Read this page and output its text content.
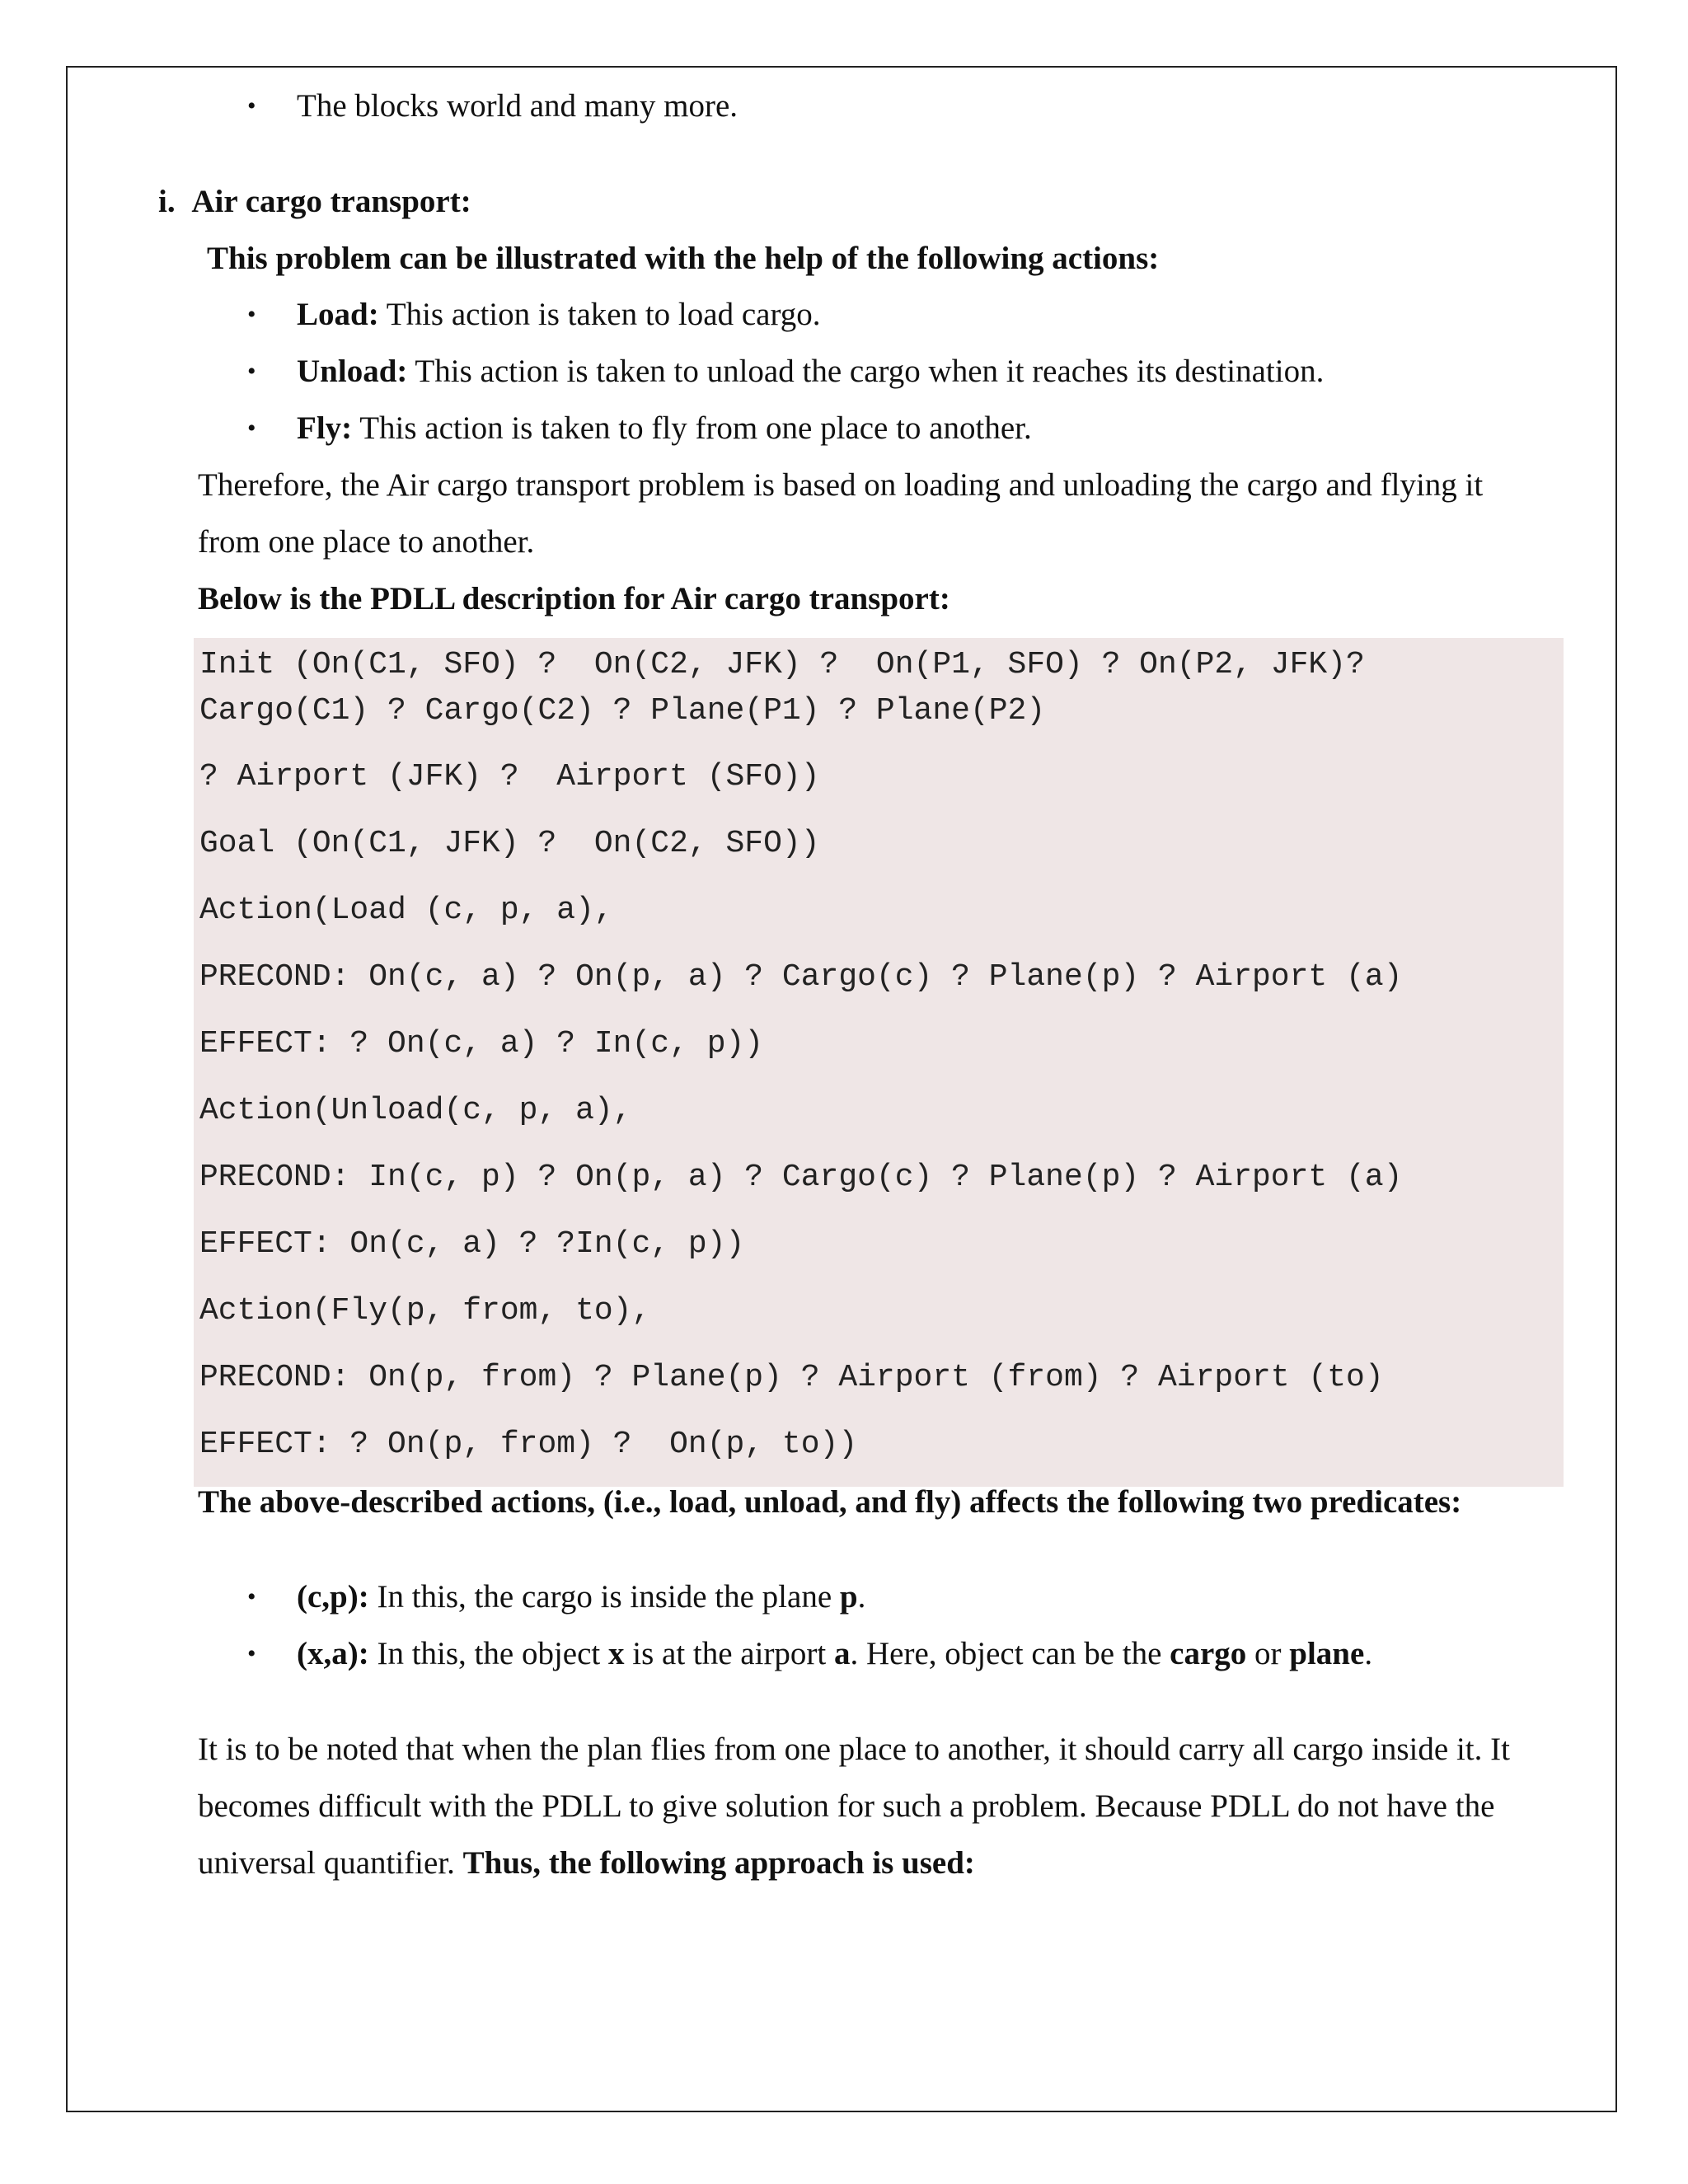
• The blocks world and many more.
i. Air cargo transport:
This problem can be illustrated with the help of the following actions:
• Load: This action is taken to load cargo.
• Unload: This action is taken to unload the cargo when it reaches its destination.
• Fly: This action is taken to fly from one place to another.
Therefore, the Air cargo transport problem is based on loading and unloading the cargo and flying it
from one place to another.
Below is the PDLL description for Air cargo transport:
Init (On(C1, SFO) ?  On(C2, JFK) ?  On(P1, SFO) ? On(P2, JFK)?
Cargo(C1) ? Cargo(C2) ? Plane(P1) ? Plane(P2)
? Airport (JFK) ?  Airport (SFO))
Goal (On(C1, JFK) ?  On(C2, SFO))
Action(Load (c, p, a),
PRECOND: On(c, a) ? On(p, a) ? Cargo(c) ? Plane(p) ? Airport (a)
EFFECT: ? On(c, a) ? In(c, p))
Action(Unload(c, p, a),
PRECOND: In(c, p) ? On(p, a) ? Cargo(c) ? Plane(p) ? Airport (a)
EFFECT: On(c, a) ? ?In(c, p))
Action(Fly(p, from, to),
PRECOND: On(p, from) ? Plane(p) ? Airport (from) ? Airport (to)
EFFECT: ? On(p, from) ?  On(p, to))
The above-described actions, (i.e., load, unload, and fly) affects the following two predicates:
• (c,p): In this, the cargo is inside the plane p.
• (x,a): In this, the object x is at the airport a. Here, object can be the cargo or plane.
It is to be noted that when the plan flies from one place to another, it should carry all cargo inside it. It
becomes difficult with the PDLL to give solution for such a problem. Because PDLL do not have the
universal quantifier. Thus, the following approach is used:
